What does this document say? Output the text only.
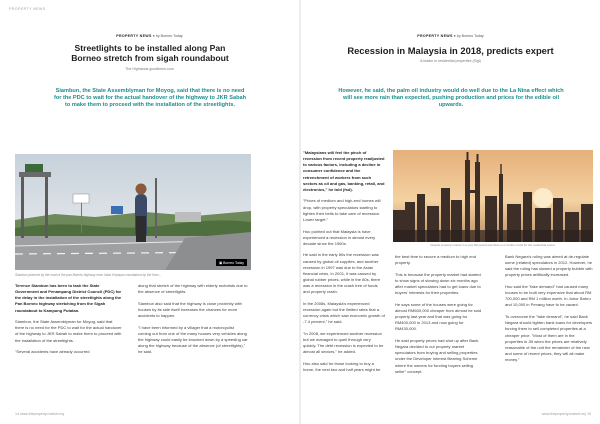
PROPERTY NEWS
PROPERTY NEWS ● by Borneo Today
Streetlights to be installed along Pan Borneo stretch from sigah roundabout
The Highlands goodtimes.com
Siambun, the State Assemblyman for Moyog, said that there is no need for the PDC to wait for the actual handover of the highway to JKR Sabah to make them to proceed with the installation of the streetlights.
▣ Borneo Today
Siambun pictured by the road of the pan Borneo highway near Jalan Kepayan roundabout by the Kam...

Terence Siambun has been to task the State Government and Penampang District Council (PDC) for the delay in the installation of the streetlights along the Pan Borneo highway stretching from the Sigah roundabout to Kampung Putatan.

Siambun, the State Assemblyman for Moyog, said that there is no need for the PDC to wait for the actual handover of the highway to JKR Sabah to make them to proceed with the installation of the streetlights.

"Several accidents have already occurred

along that stretch of the highway with elderly motorists due to the absence of streetlights.

Siambun also said that the highway is close proximity with houses by its side itself increases the chances for more accidents to happen.

"I have been informed by a villager that a motorcyclist coming out from one of the many houses very vehicles along the highway could easily be knocked down by a speeding car along the highway because of the absence (of streetlights)," he said.

14 www.theproperty.market.my
PROPERTY NEWS ● by Borneo Today
Recession in Malaysia in 2018, predicts expert
A leader in residential properties (Sigi)
However, he said, the palm oil industry would do well due to the La Nina effect which will see more rain than expected, pushing production and prices for the edible oil upwards.

"Malaysians will feel the pinch of recession from recent property readjusted to various factors, including a decline in consumer confidence and the retrenchment of workers from such sectors as oil and gas, banking, retail, and electronics," he told (fsd).

"Prices of medium and high-end homes will drop, with property speculators starting to tighten their belts to take care of recession. Lower target."

Hou pointed out that Malaysia is have experienced a recession in almost every decade since the 1960s.

He said in the early 80s the recession was caused by global oil supplies, and another recession in 1997 was due to the Asian financial crisis. In 2001, it was caused by global rubber prices, while in the 80s, there was a recession in the crash tree of funds and property crash.

In the 2008s, Malaysia's experienced recession again but the limited rates that a currency crisis which saw economic growth of -7.4 percent," he said.

"In 2008, we experienced another recession but we managed to quell through very quickly. The debt recession is expected to be almost all sectors," he added.

Hou also said for those looking to buy a home, the next two and half years might be

Despite property market in a very flat period and there is no further trend for the residential sector.

the best time to secure a medium to high end property.

This is because the property market had started to show signs of slowing down six months ago after market speculators had to get loans due to buyers' interests for their properties.

He says some of the houses were going for almost RM600,000 cheaper from almost he sold property last year and that was going for RM400,000 in 2013 and now going for RM430,000.

He said property prices had shot up after Bank Negara decided to cut property market speculators from buying and selling properties under the Developer Interest Bearing Scheme where the owners for funding buyers selling seller" concept.

Bank Negara's ruling was aimed at de-regulate some (related) speculators in 2012. However, he said the ruling has slowed a property bubble with property prices artificially increased.

Hou said the "fake demand" had caused many houses to be built very expensive that about RM 700,000 and RM 1 million worth. In Johor Bahru and 10,000 in Penang have to be vacant.

To overcome the "fake demand", he said Bank Negara should tighten bank loans for developers forcing them to sell completed properties at a cheaper price. "Most of them are in the properties in JB when the prices are relatively reasonable of the unit the remainder of the new and some of recent prices, they will all make money."

www.theproperty.market.my 15
